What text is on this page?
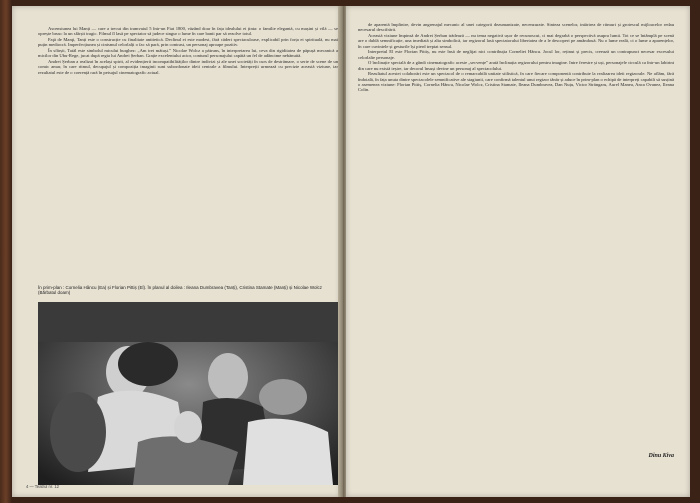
Ascensiunea lui Manți — care a trecut din tramvaiul 5 într-un Fiat 1800, văzând doar în fața idealului ei ținta: o familie elegantă, cu mașini și vilă — se oprește brusc la un sfârșit tragic. Filmul îl lasă pe spectator să judece singur o lume în care banii par să rezolve totul.

Faţă de Manţi, Tanți este o construcție cu finalitate antitetică. Declinul ei este modest, fără căderi spectaculoase, explicabil prin forța ei spirituală, nu mai puțin mediocră. Imperfecțiunea și cinismul celorlalți o fac să pară, prin contrast, un personaj aproape pozitiv.

În sfârșit, Tatăl este simbolul micului burghez: „Am trei mătuși.” Nicolae Wolcz a pătruns, în interpretarea lui, ceva din rigiditatea de păpușă mecanică a micilor din Ubu-Rege, jucat după regia lui Andrei Șerban. Grație excelentului actor, conturul personajului capătă un fel de adâncime nebănuită.

Andrei Șerban a realizat în același spirit, al evidențierii incompatibilităților dintre indivizi și ale unei societăți în curs de destrămare, o serie de scene de un comic amar, în care ritmul, decupajul și compoziția imaginii sunt subordonate ideii centrale a filmului. Interpreții urmează cu precizie această viziune, iar rezultatul este de o coerență rară în peisajul cinematografic actual.

În prim-plan : Cornelia Hâncu (Ea) și Florian Pittiș (El). În planul al doilea : Ileana Dumbravea (Tanți), Cristina Stamate (Manți) și Nicolae Wolcz (Bărbatul doam)
4 — Teatrul nr. 12

de aparentă împlinire, devin angrenajul mecanic al unei categorii dezumanizate, necenzurate. Sinteza scenelor, intărirea de ritmuri și grotescul mijloacelor redau necesarul descifrării.

Această viziune împinsă de Andrei Șerban trădează — nu tema negativă ușor de recunoscut, ci mai degrabă o perspectivă asupra lumii. Tot ce se întâmplă pe scenă are o dublă semnificație, una imediată și alta simbolică, iar regizorul lasă spectatorului libertatea de a le descoperi pe amândouă. Nu o lume reală, ci o lume a aparențelor, în care cuvintele și gesturile își pierd treptat sensul.

Interpretul El este Florian Pittiș, nu este însă de neglijat nici contribuția Corneliei Hâncu. Jocul lor, reținut și precis, creează un contrapunct necesar excesului celorlalte personaje.

O înclinație specială de a gândi cinematografic aceste „secvențe” arată înclinația regizorului pentru imagine. Intre ferestre și uși, personajele circulă ca într-un labirint din care nu există ieșire, iar decorul însuși devine un personaj al spectacolului.

Rezultatul acestei colaborări este un spectacol de o remarcabilă unitate stilistică, în care fiecare componentă contribuie la realizarea ideii regizorale. Ne aflăm, fără îndoială, în fața unuia dintre spectacolele semnificative ale stagiunii, care confirmă talentul unui regizor tânăr și aduce în prim-plan o echipă de interpreți capabili să susțină o asemenea viziune: Florian Pittiș, Cornelia Hâncu, Nicolae Wolcz, Cristina Stamate, Ileana Dumbravea, Dan Nuțu, Victor Străngaru, Aurel Manea, Anca Ovanez, Ileana Colin.

Dinu Kiva
